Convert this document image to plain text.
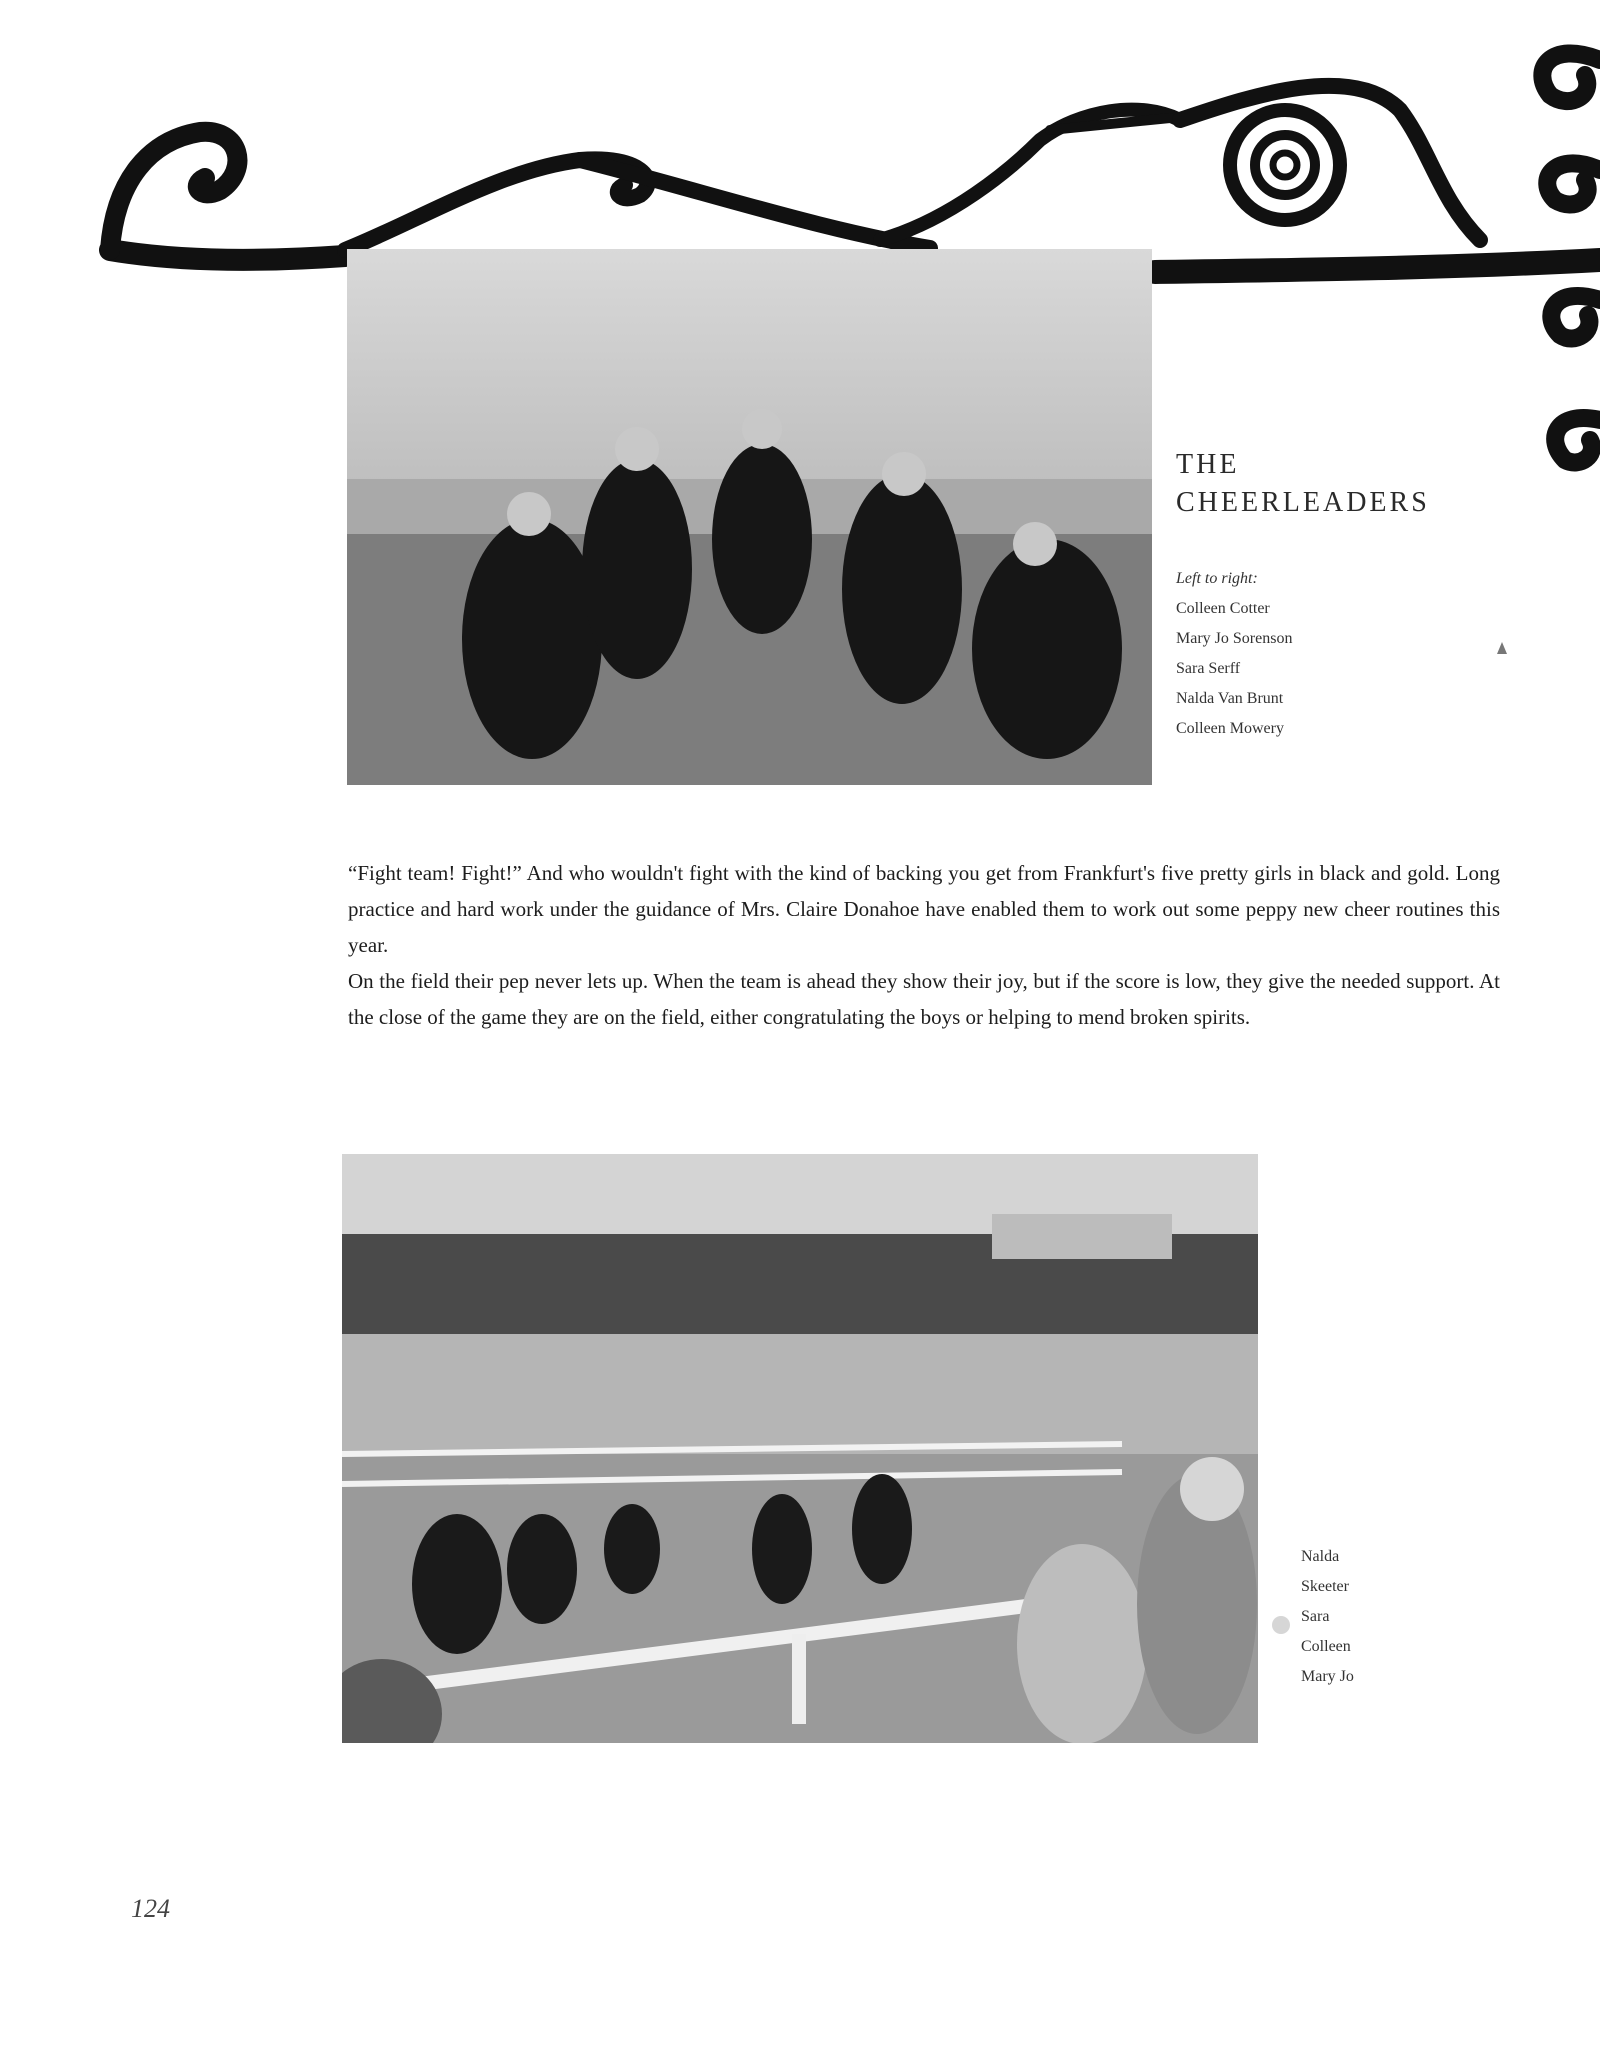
THE
CHEERLEADERS
Left to right:
Colleen Cotter
Mary Jo Sorenson
Sara Serff
Nalda Van Brunt
Colleen Mowery

“Fight team! Fight!” And who wouldn't fight with the kind of backing you get from Frankfurt's five pretty girls in black and gold. Long practice and hard work under the guidance of Mrs. Claire Donahoe have enabled them to work out some peppy new cheer routines this year.

On the field their pep never lets up. When the team is ahead they show their joy, but if the score is low, they give the needed support. At the close of the game they are on the field, either congratulating the boys or helping to mend broken spirits.

Nalda
Skeeter
Sara
Colleen
Mary Jo
124
